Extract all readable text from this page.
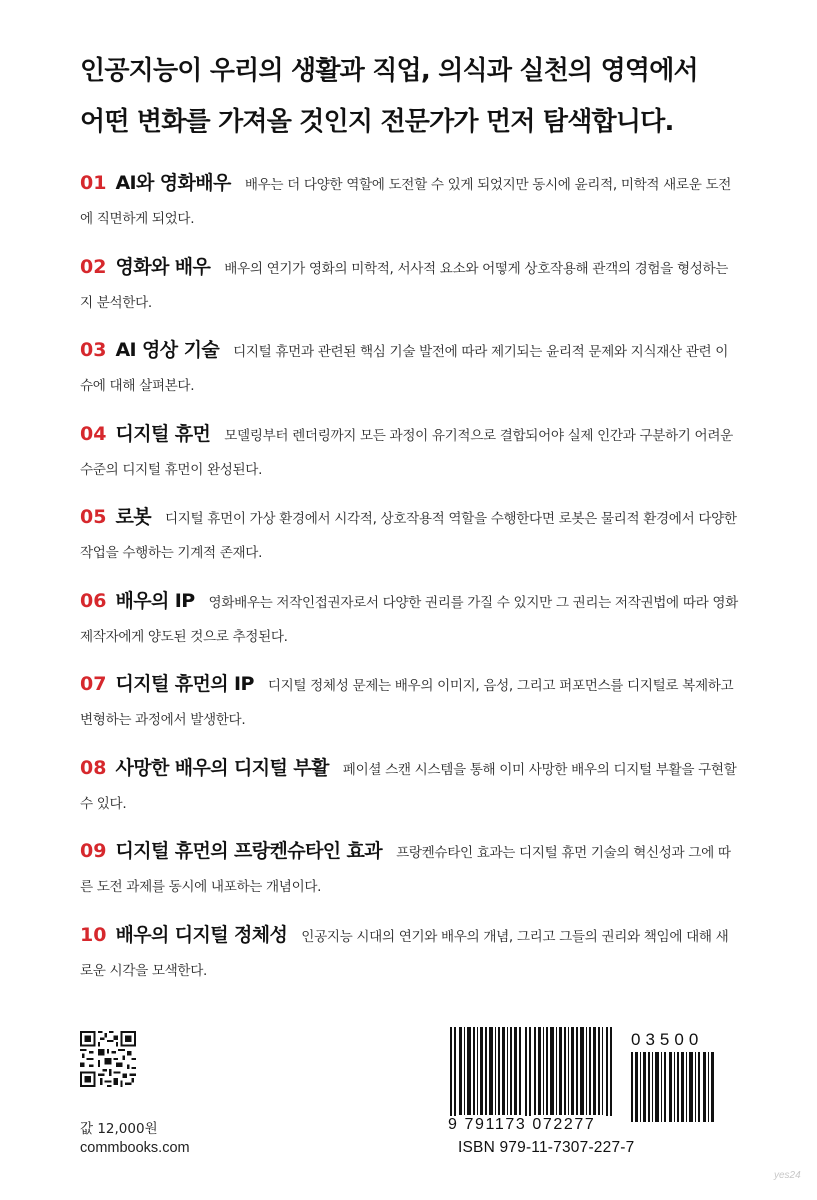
인공지능이 우리의 생활과 직업, 의식과 실천의 영역에서
어떤 변화를 가져올 것인지 전문가가 먼저 탐색합니다.
01 AI와 영화배우 배우는 더 다양한 역할에 도전할 수 있게 되었지만 동시에 윤리적, 미학적 새로운 도전에 직면하게 되었다.
02 영화와 배우 배우의 연기가 영화의 미학적, 서사적 요소와 어떻게 상호작용해 관객의 경험을 형성하는지 분석한다.
03 AI 영상 기술 디지털 휴먼과 관련된 핵심 기술 발전에 따라 제기되는 윤리적 문제와 지식재산 관련 이슈에 대해 살펴본다.
04 디지털 휴먼 모델링부터 렌더링까지 모든 과정이 유기적으로 결합되어야 실제 인간과 구분하기 어려운 수준의 디지털 휴먼이 완성된다.
05 로봇 디지털 휴먼이 가상 환경에서 시각적, 상호작용적 역할을 수행한다면 로봇은 물리적 환경에서 다양한 작업을 수행하는 기계적 존재다.
06 배우의 IP 영화배우는 저작인접권자로서 다양한 권리를 가질 수 있지만 그 권리는 저작권법에 따라 영화 제작자에게 양도된 것으로 추정된다.
07 디지털 휴먼의 IP 디지털 정체성 문제는 배우의 이미지, 음성, 그리고 퍼포먼스를 디지털로 복제하고 변형하는 과정에서 발생한다.
08 사망한 배우의 디지털 부활 페이셜 스캔 시스템을 통해 이미 사망한 배우의 디지털 부활을 구현할 수 있다.
09 디지털 휴먼의 프랑켄슈타인 효과 프랑켄슈타인 효과는 디지털 휴먼 기술의 혁신성과 그에 따른 도전 과제를 동시에 내포하는 개념이다.
10 배우의 디지털 정체성 인공지능 시대의 연기와 배우의 개념, 그리고 그들의 권리와 책임에 대해 새로운 시각을 모색한다.
값 12,000원
commbooks.com
9 791173 072277
03500
ISBN 979-11-7307-227-7
yes24
